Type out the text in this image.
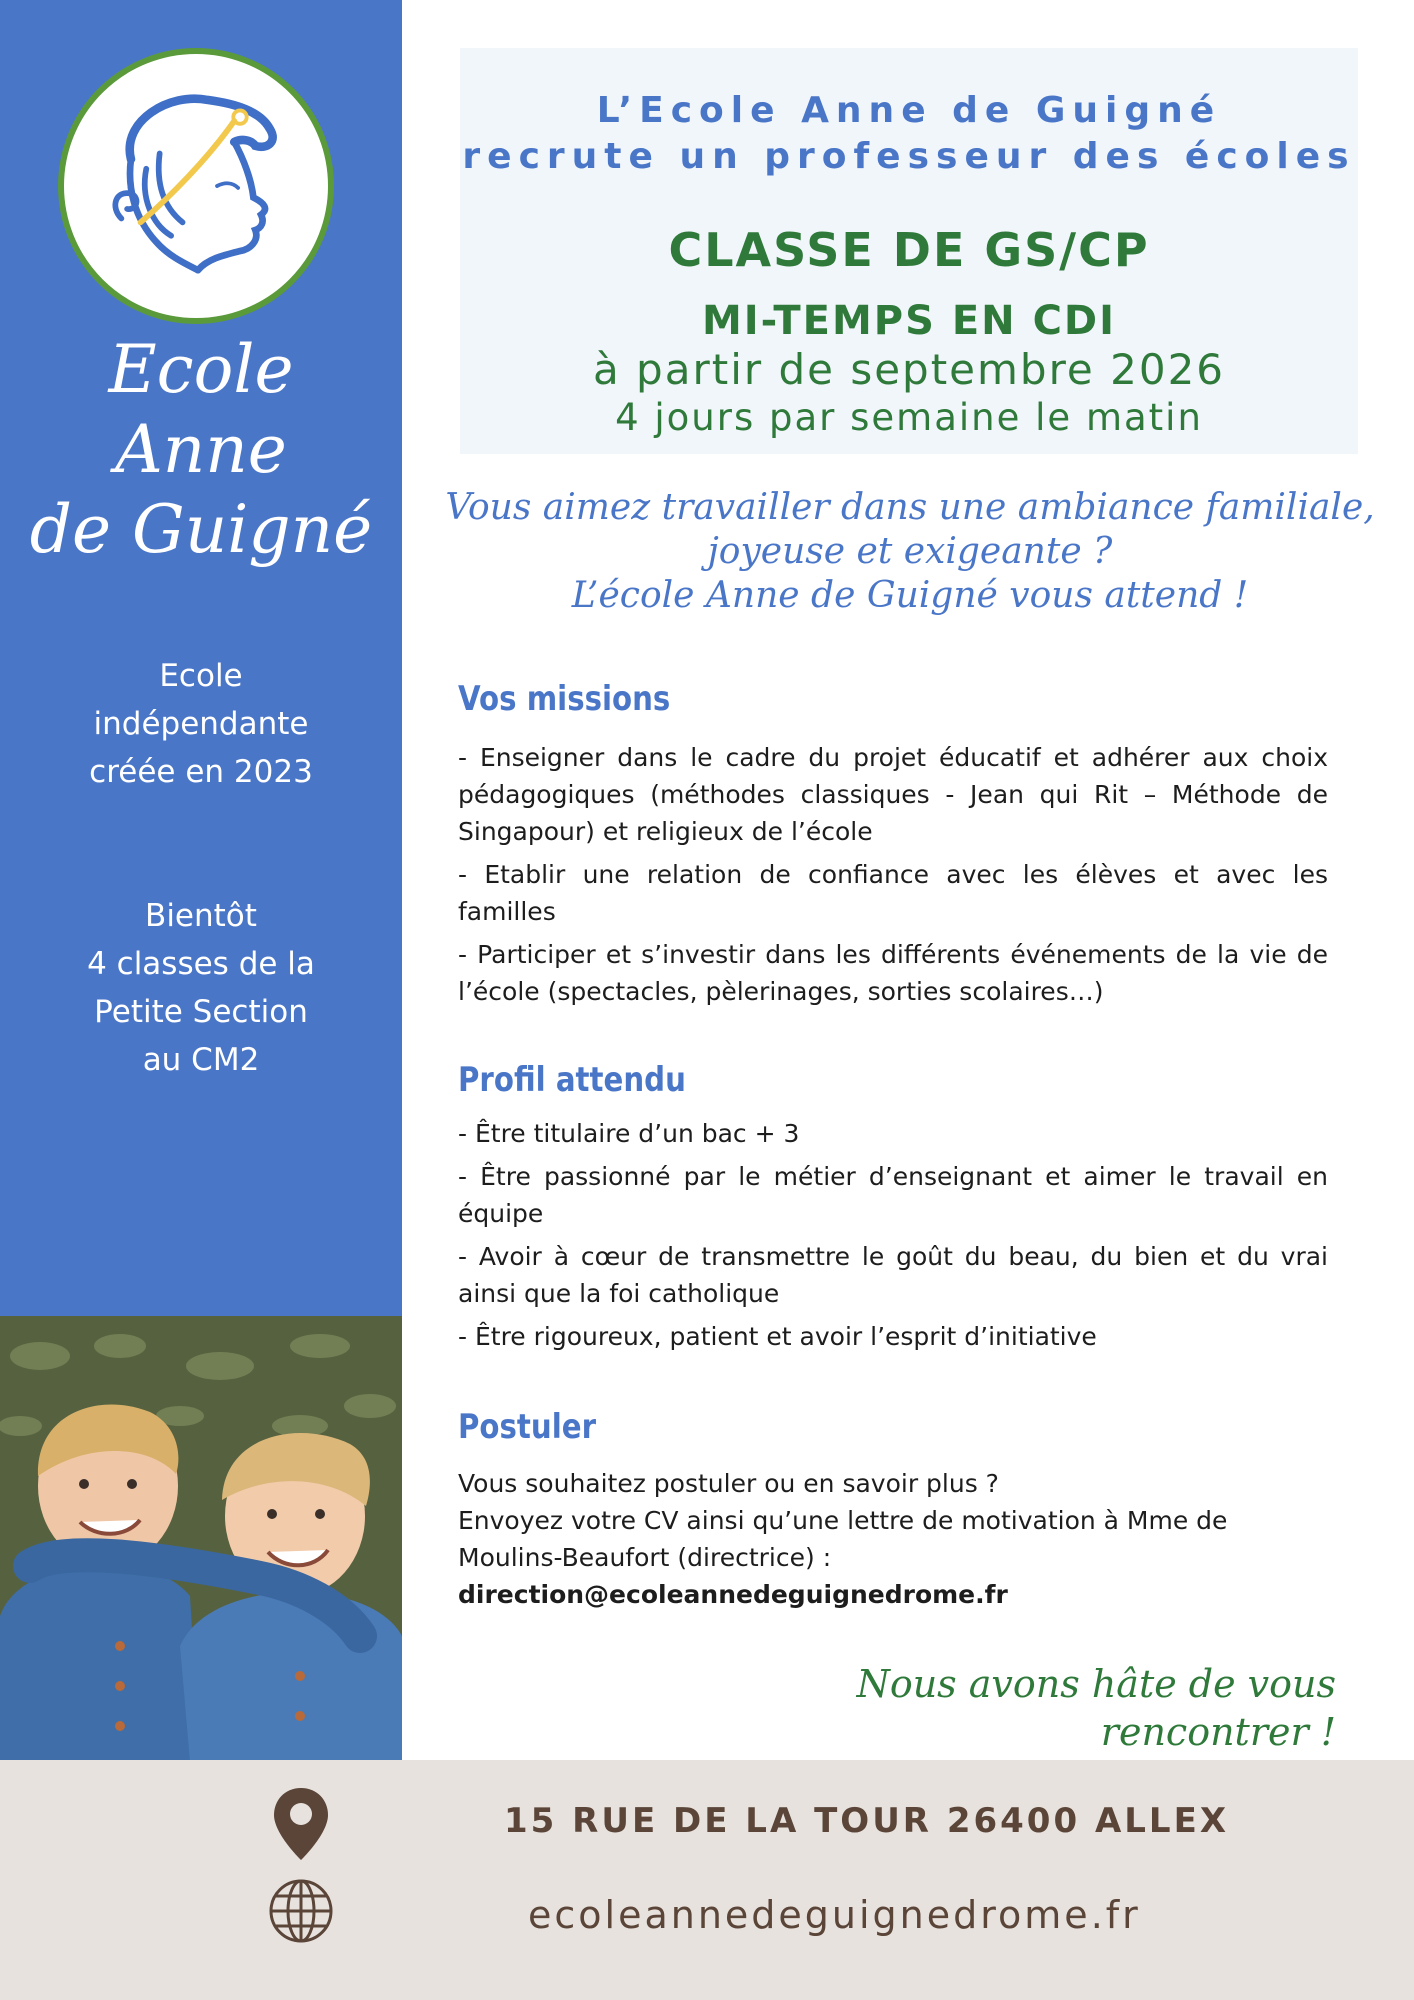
Ecole
Anne
de Guigné
Ecole
indépendante
créée en 2023
Bientôt
4 classes de la
Petite Section
au CM2
L’Ecole Anne de Guigné
recrute un professeur des écoles
CLASSE DE GS/CP
MI-TEMPS EN CDI
à partir de septembre 2026
4 jours par semaine le matin
Vous aimez travailler dans une ambiance familiale,
joyeuse et exigeante ?
L’école Anne de Guigné vous attend !
Vos missions

- Enseigner dans le cadre du projet éducatif et adhérer aux choix pédagogiques (méthodes classiques - Jean qui Rit – Méthode de Singapour) et religieux de l’école

- Etablir une relation de confiance avec les élèves et avec les familles

- Participer et s’investir dans les différents événements de la vie de l’école (spectacles, pèlerinages, sorties scolaires…)

Profil attendu

- Être titulaire d’un bac + 3

- Être passionné par le métier d’enseignant et aimer le travail en équipe

- Avoir à cœur de transmettre le goût du beau, du bien et du vrai ainsi que la foi catholique

- Être rigoureux, patient et avoir l’esprit d’initiative

Postuler
Vous souhaitez postuler ou en savoir plus ?
Envoyez votre CV ainsi qu’une lettre de motivation à Mme de
Moulins-Beaufort (directrice) :
direction@ecoleannedeguignedrome.fr
Nous avons hâte de vous rencontrer !
15 RUE DE LA TOUR 26400 ALLEX
ecoleannedeguignedrome.fr
